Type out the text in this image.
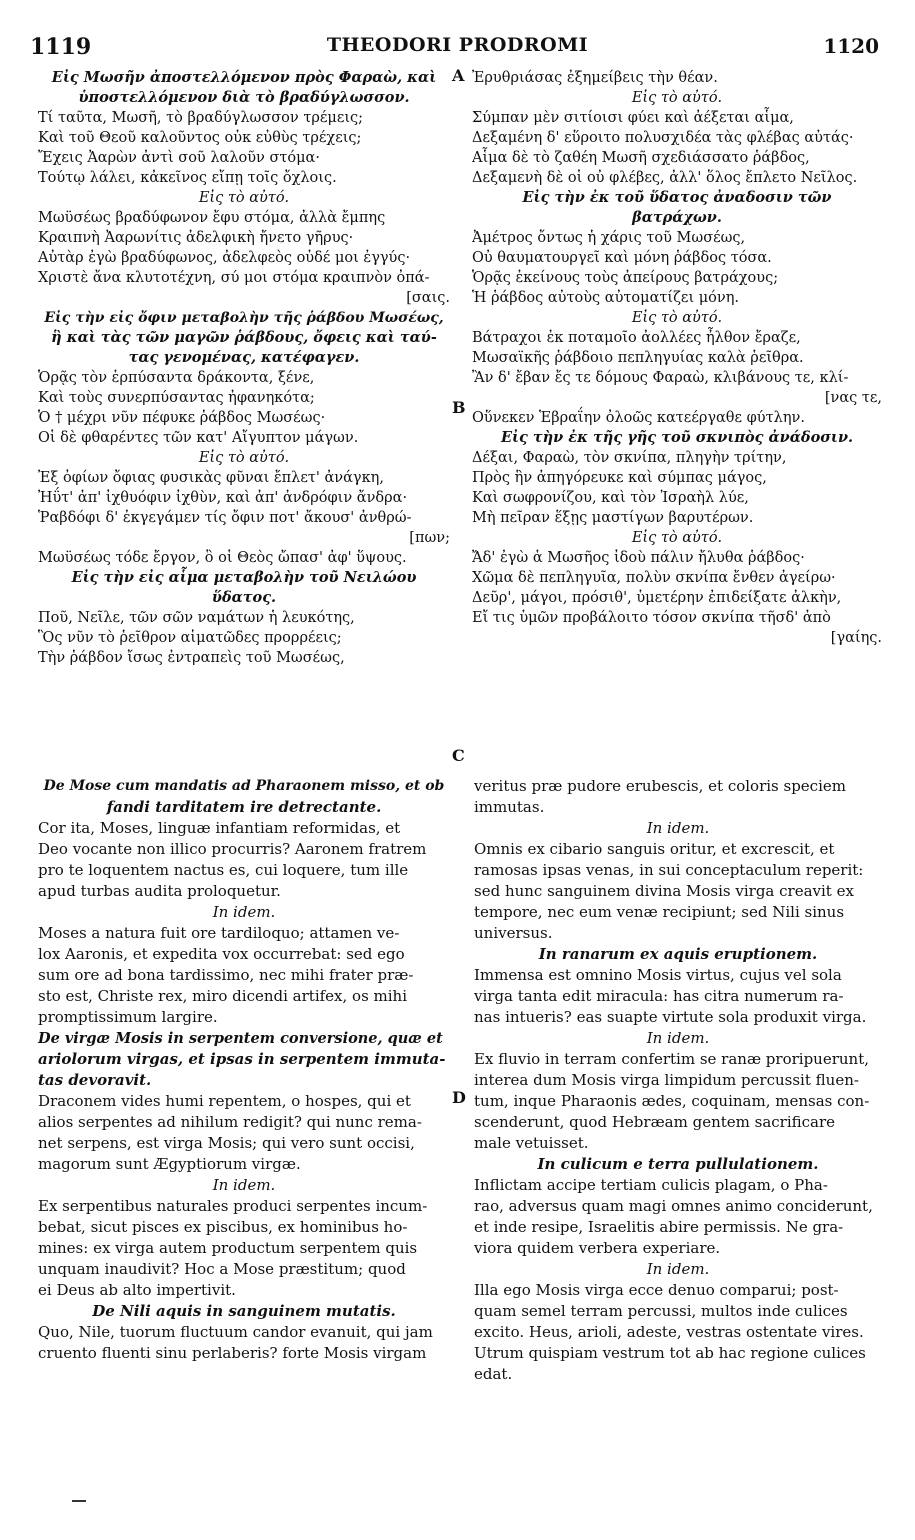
1119	THEODORI PRODROMI	1120
Εἰς Μωσῆν ἀποστελλόμενον πρὸς Φαραὼ, καὶ
ὑποστελλόμενον διὰ τὸ βραδύγλωσσον.
Τί ταῦτα, Μωσῆ, τὸ βραδύγλωσσον τρέμεις;
Καὶ τοῦ Θεοῦ καλοῦντος οὐκ εὐθὺς τρέχεις;
Ἔχεις Ἀαρὼν ἀντὶ σοῦ λαλοῦν στόμα·
Τούτῳ λάλει, κἀκεῖνος εἴπῃ τοῖς ὄχλοις.
Εἰς τὸ αὐτό.
Μωϋσέως βραδύφωνον ἔφυ στόμα, ἀλλὰ ἔμπης
Κραιπνὴ Ἀαρωνίτις ἀδελφικὴ ἤνετο γῆρυς·
Αὐτὰρ ἐγὼ βραδύφωνος, ἀδελφεὸς οὐδέ μοι ἐγγύς·
Χριστὲ ἄνα κλυτοτέχνη, σύ μοι στόμα κραιπνὸν ὀπά-
[σαις.
Εἰς τὴν εἰς ὄφιν μεταβολὴν τῆς ῥάβδου Μωσέως,
ἣ καὶ τὰς τῶν μαγῶν ῥάβδους, ὄφεις καὶ ταύ-
τας γενομένας, κατέφαγεν.
Ὁρᾷς τὸν ἑρπύσαντα δράκοντα, ξένε,
Καὶ τοὺς συνερπύσαντας ἠφανηκότα;
Ὁ † μέχρι νῦν πέφυκε ῥάβδος Μωσέως·
Οἱ δὲ φθαρέντες τῶν κατ' Αἴγυπτον μάγων.
Εἰς τὸ αὐτό.
Ἐξ ὀφίων ὄφιας φυσικὰς φῦναι ἔπλετ' ἀνάγκη,
Ἠΰτ' ἀπ' ἰχθυόφιν ἰχθὺν, καὶ ἀπ' ἀνδρόφιν ἄνδρα·
Ῥαβδόφι δ' ἐκγεγάμεν τίς ὄφιν ποτ' ἄκουσ' ἀνθρώ-
[πων;
Μωϋσέως τόδε ἔργον, ὃ οἱ Θεὸς ὤπασ' ἀφ' ὕψους.
Εἰς τὴν εἰς αἷμα μεταβολὴν τοῦ Νειλώου
ὕδατος.
Ποῦ, Νεῖλε, τῶν σῶν ναμάτων ἡ λευκότης,
Ὃς νῦν τὸ ῥεῖθρον αἱματῶδες προρρέεις;
Τὴν ῥάβδον ἴσως ἐντραπεὶς τοῦ Μωσέως,
Ἐρυθριάσας ἐξημείβεις τὴν θέαν.
Εἰς τὸ αὐτό.
Σύμπαν μὲν σιτίοισι φύει καὶ ἀέξεται αἷμα,
Δεξαμένη δ' εὕροιτο πολυσχιδέα τὰς φλέβας αὐτάς·
Αἷμα δὲ τὸ ζαθέη Μωσῆ σχεδιάσσατο ῥάβδος,
Δεξαμενὴ δὲ οἱ οὐ φλέβες, ἀλλ' ὅλος ἔπλετο Νεῖλος.
Εἰς τὴν ἐκ τοῦ ὕδατος ἀναδοσιν τῶν
βατράχων.
Ἀμέτρος ὄντως ἡ χάρις τοῦ Μωσέως,
Οὐ θαυματουργεῖ καὶ μόνη ῥάβδος τόσα.
Ὁρᾷς ἐκείνους τοὺς ἀπείρους βατράχους;
Ἡ ῥάβδος αὐτοὺς αὐτοματίζει μόνη.
Εἰς τὸ αὐτό.
Βάτραχοι ἐκ ποταμοῖο ἀολλέες ἦλθον ἔραζε,
Μωσαϊκῆς ῥάβδοιο πεπληγυίας καλὰ ῥεῖθρα.
Ἂν δ' ἔβαν ἔς τε δόμους Φαραὼ, κλιβάνους τε, κλί-
[νας τε,
Οὕνεκεν Ἑβραΐην ὀλοῶς κατεέργαθε φύτλην.
Εἰς τὴν ἐκ τῆς γῆς τοῦ σκνιπὸς ἀνάδοσιν.
Δέξαι, Φαραὼ, τὸν σκνίπα, πληγὴν τρίτην,
Πρὸς ἣν ἀπηγόρευκε καὶ σύμπας μάγος,
Καὶ σωφρονίζου, καὶ τὸν Ἰσραὴλ λύε,
Μὴ πεῖραν ἕξῃς μαστίγων βαρυτέρων.
Εἰς τὸ αὐτό.
Ἄδ' ἐγὼ ἁ Μωσῆος ἰδοὺ πάλιν ἤλυθα ῥάβδος·
Χῶμα δὲ πεπληγυῖα, πολὺν σκνίπα ἔνθεν ἀγείρω·
Δεῦρ', μάγοι, πρόσιθ', ὑμετέρην ἐπιδείξατε ἀλκὴν,
Εἴ τις ὑμῶν προβάλοιτο τόσον σκνίπα τῆσδ' ἀπὸ
[γαίης.
De Mose cum mandatis ad Pharaonem misso, et ob
fandi tarditatem ire detrectante.
Cor ita, Moses, linguæ infantiam reformidas, et
Deo vocante non illico procurris? Aaronem fratrem
pro te loquentem nactus es, cui loquere, tum ille
apud turbas audita proloquetur.
In idem.
Moses a natura fuit ore tardiloquo; attamen ve-
lox Aaronis, et expedita vox occurrebat: sed ego
sum ore ad bona tardissimo, nec mihi frater præ-
sto est, Christe rex, miro dicendi artifex, os mihi
promptissimum largire.
De virgæ Mosis in serpentem conversione, quæ et
ariolorum virgas, et ipsas in serpentem immuta-
tas devoravit.
Draconem vides humi repentem, o hospes, qui et
alios serpentes ad nihilum redigit? qui nunc rema-
net serpens, est virga Mosis; qui vero sunt occisi,
magorum sunt Ægyptiorum virgæ.
In idem.
Ex serpentibus naturales produci serpentes incum-
bebat, sicut pisces ex piscibus, ex hominibus ho-
mines: ex virga autem productum serpentem quis
unquam inaudivit? Hoc a Mose præstitum; quod
ei Deus ab alto impertivit.
De Nili aquis in sanguinem mutatis.
Quo, Nile, tuorum fluctuum candor evanuit, qui jam
cruento fluenti sinu perlaberis? forte Mosis virgam
veritus præ pudore erubescis, et coloris speciem
immutas.
In idem.
Omnis ex cibario sanguis oritur, et excrescit, et
ramosas ipsas venas, in sui conceptaculum reperit:
sed hunc sanguinem divina Mosis virga creavit ex
tempore, nec eum venæ recipiunt; sed Nili sinus
universus.
In ranarum ex aquis eruptionem.
Immensa est omnino Mosis virtus, cujus vel sola
virga tanta edit miracula: has citra numerum ra-
nas intueris? eas suapte virtute sola produxit virga.
In idem.
Ex fluvio in terram confertim se ranæ proripuerunt,
interea dum Mosis virga limpidum percussit fluen-
tum, inque Pharaonis ædes, coquinam, mensas con-
scenderunt, quod Hebræam gentem sacrificare
male vetuisset.
In culicum e terra pullulationem.
Inflictam accipe tertiam culicis plagam, o Pha-
rao, adversus quam magi omnes animo conciderunt,
et inde resipe, Israelitis abire permissis. Ne gra-
viora quidem verbera experiare.
In idem.
Illa ego Mosis virga ecce denuo comparui; post-
quam semel terram percussi, multos inde culices
excito. Heus, arioli, adeste, vestras ostentate vires.
Utrum quispiam vestrum tot ab hac regione culices
edat.
A
B
C
D
